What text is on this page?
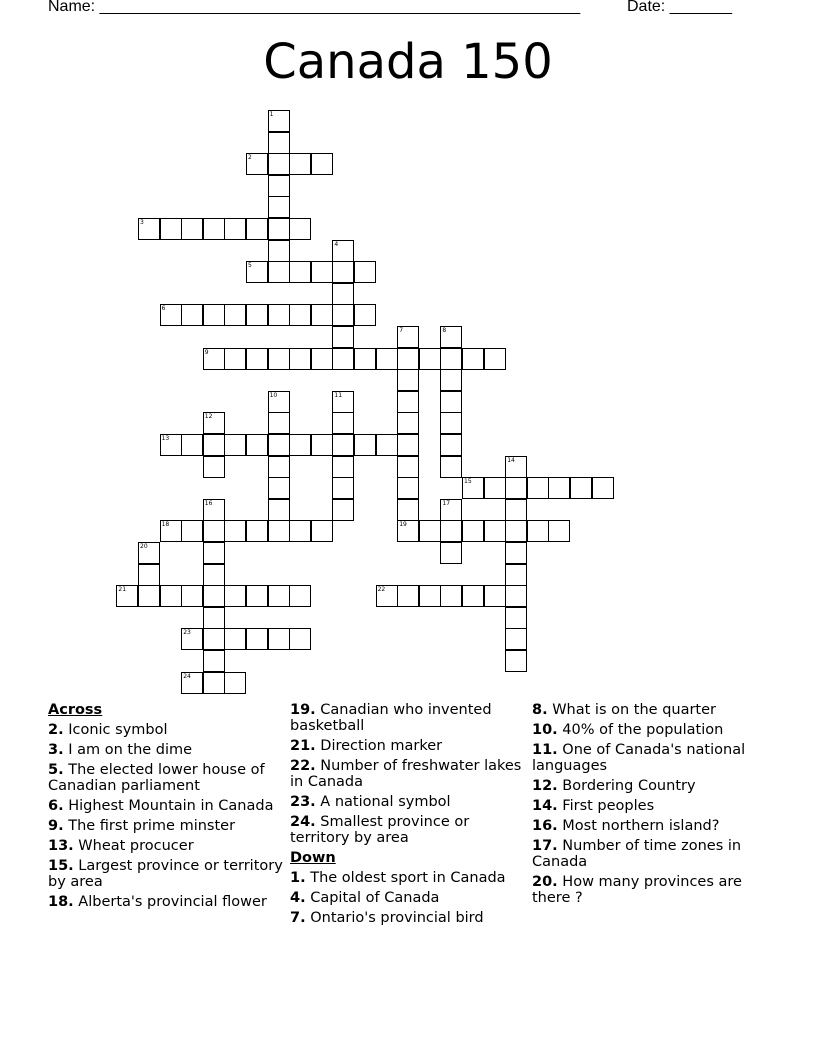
Name: ______________________________________________________	Date: _______
Canada 150
1
2
3
4
5
6
7	8
9
10	11
12
13
14
15
16	17
18	19
20
21	22
23
24
Across
2. Iconic symbol
3. I am on the dime
5. The elected lower house of Canadian parliament
6. Highest Mountain in Canada
9. The first prime minster
13. Wheat procucer
15. Largest province or territory by area
18. Alberta's provincial flower
19. Canadian who invented basketball
21. Direction marker
22. Number of freshwater lakes in Canada
23. A national symbol
24. Smallest province or territory by area
Down
1. The oldest sport in Canada
4. Capital of Canada
7. Ontario's provincial bird
8. What is on the quarter
10. 40% of the population
11. One of Canada's national languages
12. Bordering Country
14. First peoples
16. Most northern island?
17. Number of time zones in Canada
20. How many provinces are there ?
